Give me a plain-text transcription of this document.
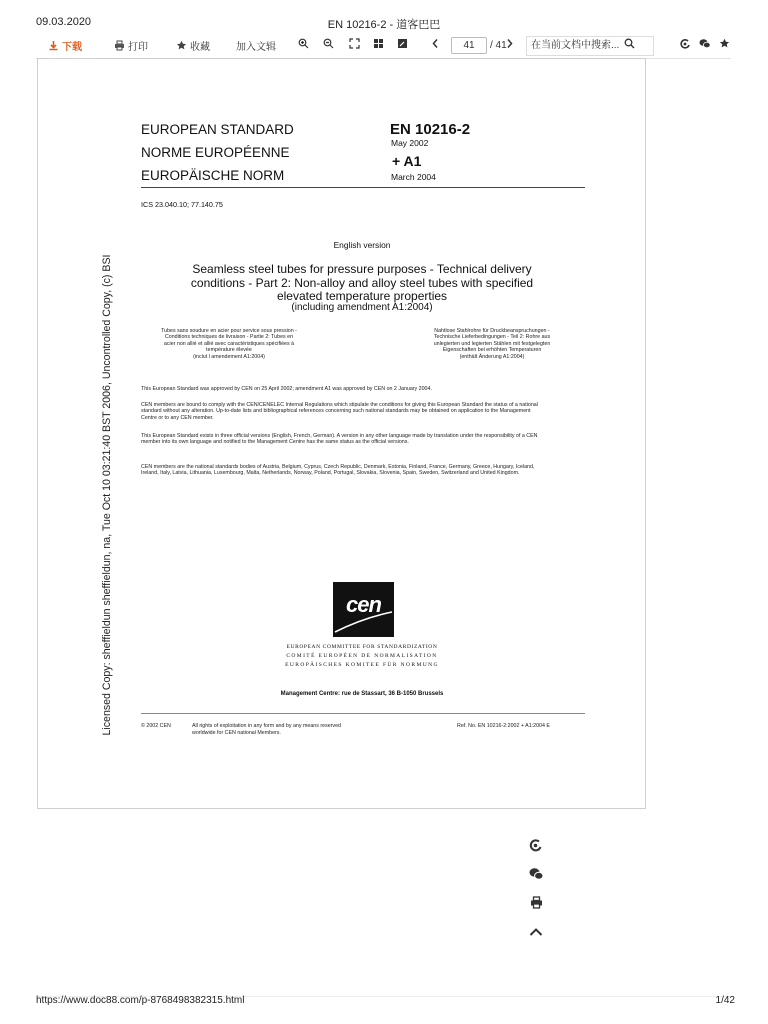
09.03.2020	EN 10216-2 - 道客巴巴
下载	打印	收藏	加入文辑	41	/ 41	在当前文档中搜索...
Licensed Copy: sheffieldun sheffieldun, na, Tue Oct 10 03:21:40 BST 2006, Uncontrolled Copy, (c) BSI
EUROPEAN STANDARD
NORME EUROPÉENNE
EUROPÄISCHE NORM
EN 10216-2
May 2002
+ A1
March 2004
ICS 23.040.10; 77.140.75
English version
Seamless steel tubes for pressure purposes - Technical delivery
conditions - Part 2: Non-alloy and alloy steel tubes with specified
elevated temperature properties
(including amendment A1:2004)
Tubes sans soudure en acier pour service sous pression -
Conditions techniques de livraison - Partie 2: Tubes en
acier non allié et allié avec caractéristiques spécifiées à
température élevée
(inclut l amendement A1:2004)
Nahtlose Stahlrohre für Druckbeanspruchungen -
Technische Lieferbedingungen - Teil 2: Rohre aus
unlegierten und legierten Stählen mit festgelegten
Eigenschaften bei erhöhten Temperaturen
(enthält Änderung A1:2004)
This European Standard was approved by CEN on 25 April 2002; amendment A1 was approved by CEN on 2 January 2004.
CEN members are bound to comply with the CEN/CENELEC Internal Regulations which stipulate the conditions for giving this European Standard the status of a national standard without any alteration. Up-to-date lists and bibliographical references concerning such national standards may be obtained on application to the Management Centre or to any CEN member.
This European Standard exists in three official versions (English, French, German). A version in any other language made by translation under the responsibility of a CEN member into its own language and notified to the Management Centre has the same status as the official versions.
CEN members are the national standards bodies of Austria, Belgium, Cyprus, Czech Republic, Denmark, Estonia, Finland, France, Germany, Greece, Hungary, Iceland, Ireland, Italy, Latvia, Lithuania, Luxembourg, Malta, Netherlands, Norway, Poland, Portugal, Slovakia, Slovenia, Spain, Sweden, Switzerland and United Kingdom.
cen
EUROPEAN COMMITTEE FOR STANDARDIZATION
COMITÉ EUROPÉEN DE NORMALISATION
EUROPÄISCHES KOMITEE FÜR NORMUNG
Management Centre: rue de Stassart, 36 B-1050 Brussels
© 2002 CEN	All rights of exploitation in any form and by any means reserved
worldwide for CEN national Members.
Ref. No. EN 10216-2:2002 + A1:2004 E
https://www.doc88.com/p-8768498382315.html	1/42
